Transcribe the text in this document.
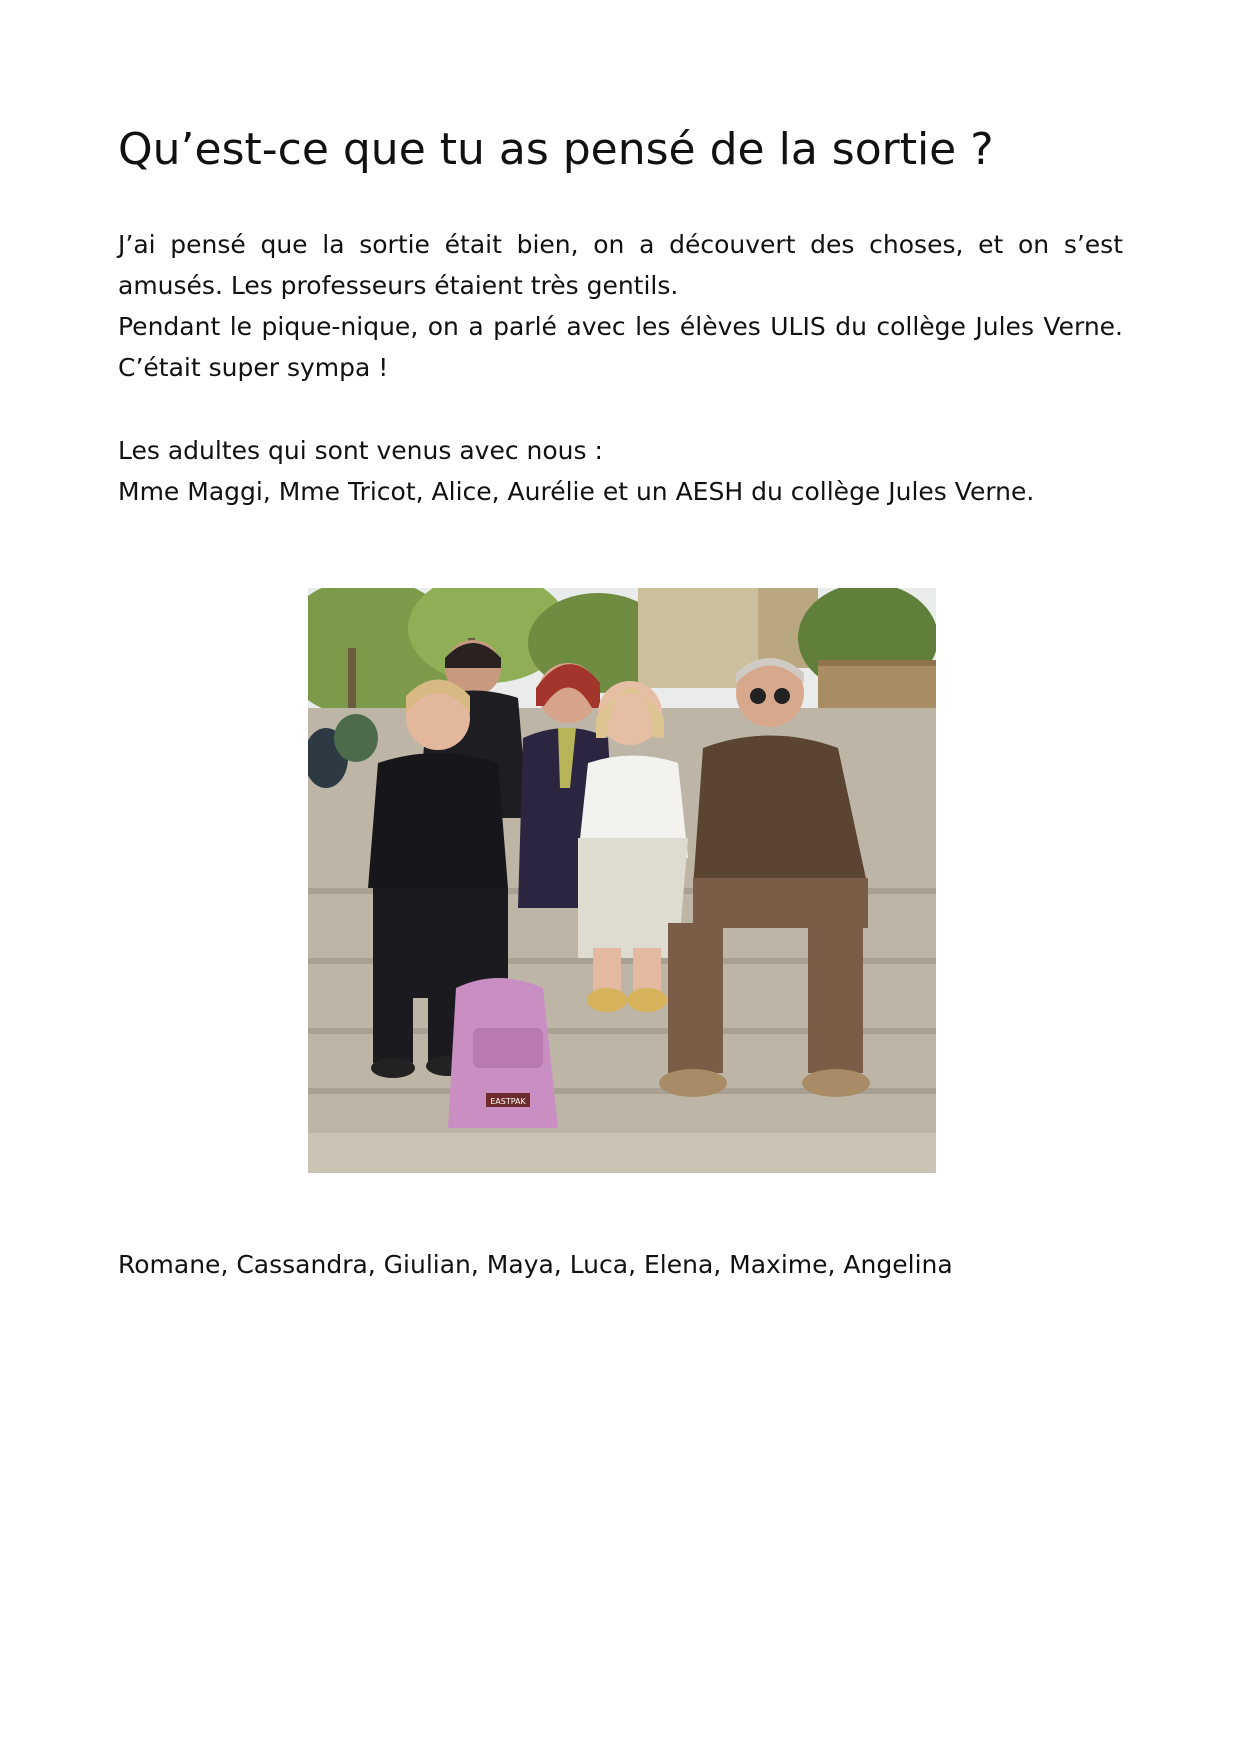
Qu’est-ce que tu as pensé de la sortie ?

J’ai pensé que la sortie était bien, on a découvert des choses, et on s’est amusés. Les professeurs étaient très gentils.

Pendant le pique-nique, on a parlé avec les élèves ULIS du collège Jules Verne. C’était super sympa !

Les adultes qui sont venus avec nous :

Mme Maggi, Mme Tricot, Alice, Aurélie et un AESH du collège Jules Verne.

EASTPAK
Romane, Cassandra, Giulian, Maya, Luca, Elena, Maxime, Angelina
